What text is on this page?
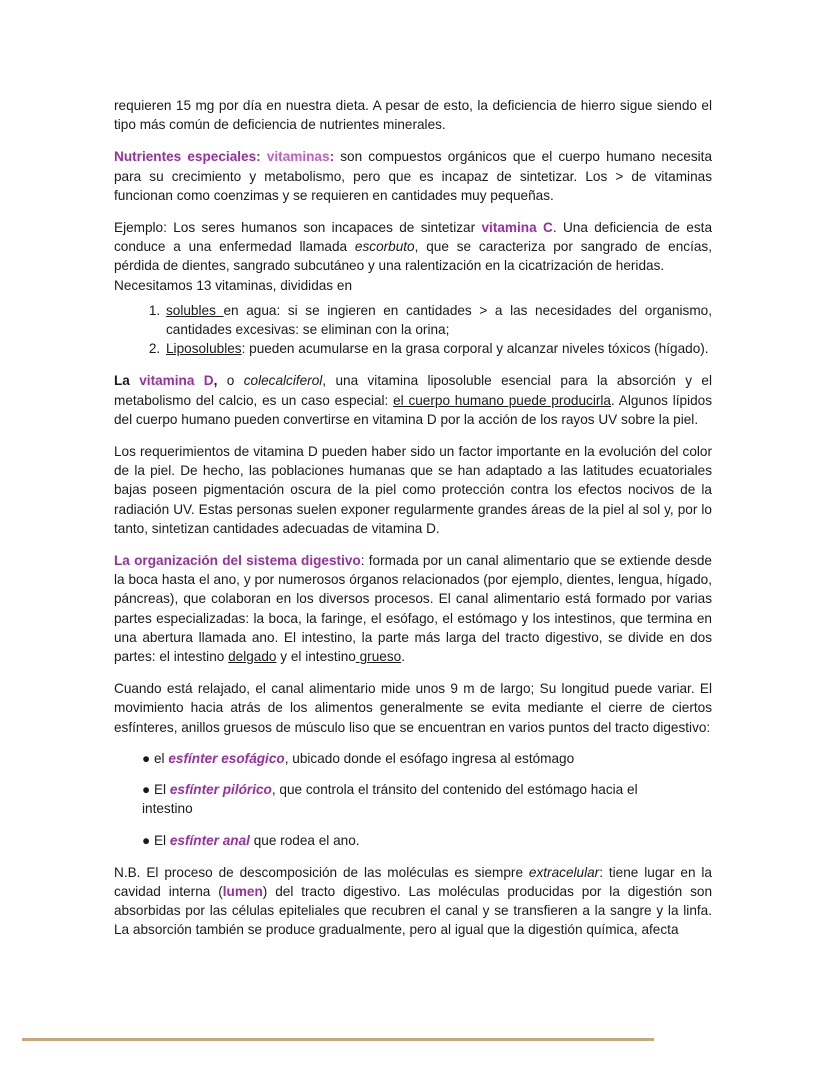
requieren 15 mg por día en nuestra dieta. A pesar de esto, la deficiencia de hierro sigue siendo el tipo más común de deficiencia de nutrientes minerales.

Nutrientes especiales: vitaminas: son compuestos orgánicos que el cuerpo humano necesita para su crecimiento y metabolismo, pero que es incapaz de sintetizar. Los > de vitaminas funcionan como coenzimas y se requieren en cantidades muy pequeñas.

Ejemplo: Los seres humanos son incapaces de sintetizar vitamina C. Una deficiencia de esta conduce a una enfermedad llamada escorbuto, que se caracteriza por sangrado de encías, pérdida de dientes, sangrado subcutáneo y una ralentización en la cicatrización de heridas.
Necesitamos 13 vitaminas, divididas en

1. solubles en agua: si se ingieren en cantidades > a las necesidades del organismo, cantidades excesivas: se eliminan con la orina;
2. Liposolubles: pueden acumularse en la grasa corporal y alcanzar niveles tóxicos (hígado).

La vitamina D, o colecalciferol, una vitamina liposoluble esencial para la absorción y el metabolismo del calcio, es un caso especial: el cuerpo humano puede producirla. Algunos lípidos del cuerpo humano pueden convertirse en vitamina D por la acción de los rayos UV sobre la piel.

Los requerimientos de vitamina D pueden haber sido un factor importante en la evolución del color de la piel. De hecho, las poblaciones humanas que se han adaptado a las latitudes ecuatoriales bajas poseen pigmentación oscura de la piel como protección contra los efectos nocivos de la radiación UV. Estas personas suelen exponer regularmente grandes áreas de la piel al sol y, por lo tanto, sintetizan cantidades adecuadas de vitamina D.

La organización del sistema digestivo: formada por un canal alimentario que se extiende desde la boca hasta el ano, y por numerosos órganos relacionados (por ejemplo, dientes, lengua, hígado, páncreas), que colaboran en los diversos procesos. El canal alimentario está formado por varias partes especializadas: la boca, la faringe, el esófago, el estómago y los intestinos, que termina en una abertura llamada ano. El intestino, la parte más larga del tracto digestivo, se divide en dos partes: el intestino delgado y el intestino grueso.

Cuando está relajado, el canal alimentario mide unos 9 m de largo; Su longitud puede variar. El movimiento hacia atrás de los alimentos generalmente se evita mediante el cierre de ciertos esfínteres, anillos gruesos de músculo liso que se encuentran en varios puntos del tracto digestivo:

● el esfínter esofágico, ubicado donde el esófago ingresa al estómago
● El esfínter pilórico, que controla el tránsito del contenido del estómago hacia el intestino
● El esfínter anal que rodea el ano.

N.B. El proceso de descomposición de las moléculas es siempre extracelular: tiene lugar en la cavidad interna (lumen) del tracto digestivo. Las moléculas producidas por la digestión son absorbidas por las células epiteliales que recubren el canal y se transfieren a la sangre y la linfa. La absorción también se produce gradualmente, pero al igual que la digestión química, afecta
